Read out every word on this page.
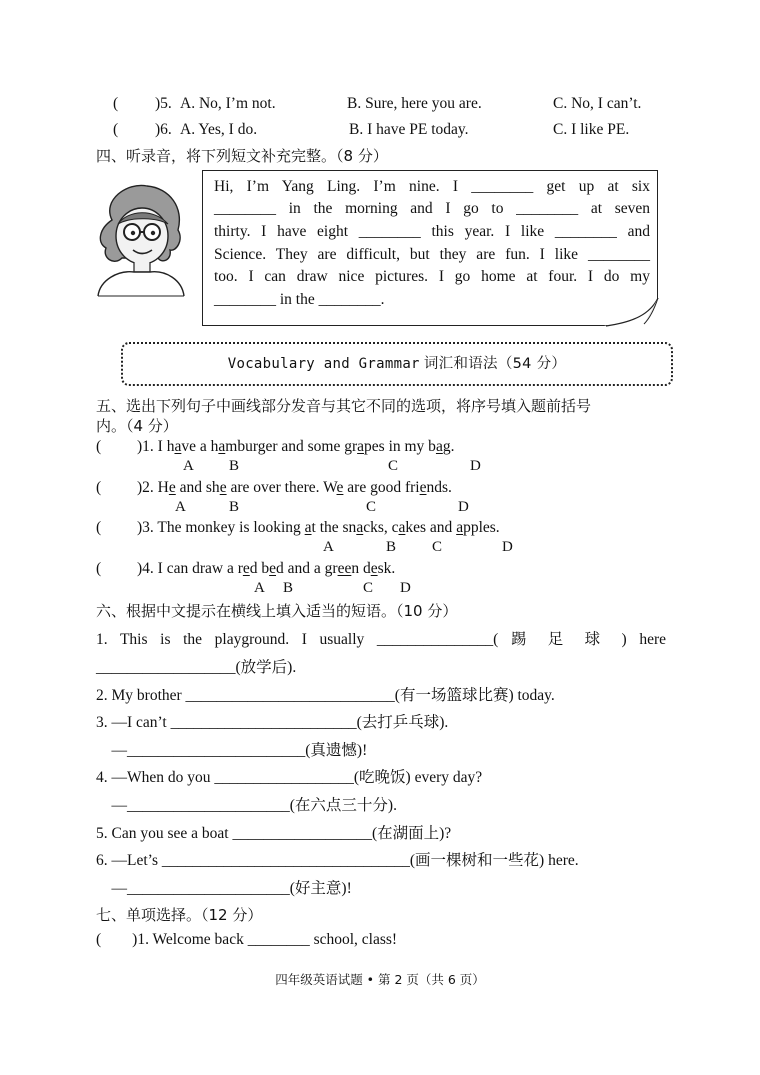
( )5. A. No, I’m not.	B. Sure, here you are.	C. No, I can’t.
( )6. A. Yes, I do.	B. I have PE today.	C. I like PE.
四、听录音，将下列短文补充完整。（8 分）
Hi, I’m Yang Ling. I’m nine. I ________ get up at six
________ in the morning and I go to ________ at seven
thirty. I have eight ________ this year. I like ________ and
Science. They are difficult, but they are fun. I like ________
too. I can draw nice pictures. I go home at four. I do my
________ in the ________.
Vocabulary and Grammar 词汇和语法（54 分）
五、选出下列句子中画线部分发音与其它不同的选项，将序号填入题前括号
内。（4 分）
( )1. I have a hamburger and some grapes in my bag.
A B	C	D
( )2. He and she are over there. We are good friends.
A	B	C	D
( )3. The monkey is looking at the snacks, cakes and apples.
A	B C	D
( )4. I can draw a red bed and a green desk.
A B	C D
六、根据中文提示在横线上填入适当的短语。（10 分）
1. This is the playground. I usually _______________( 踢 足 球 ) here
__________________(放学后).
2. My brother ___________________________(有一场篮球比赛) today.
3. —I can’t ________________________(去打乒乓球).
—_______________________(真遗憾)!
4. —When do you __________________(吃晚饭) every day?
—_____________________(在六点三十分).
5. Can you see a boat __________________(在湖面上)?
6. —Let’s ________________________________(画一棵树和一些花) here.
—_____________________(好主意)!
七、单项选择。（12 分）
(        )1. Welcome back ________ school, class!
四年级英语试题 • 第 2 页（共 6 页）
